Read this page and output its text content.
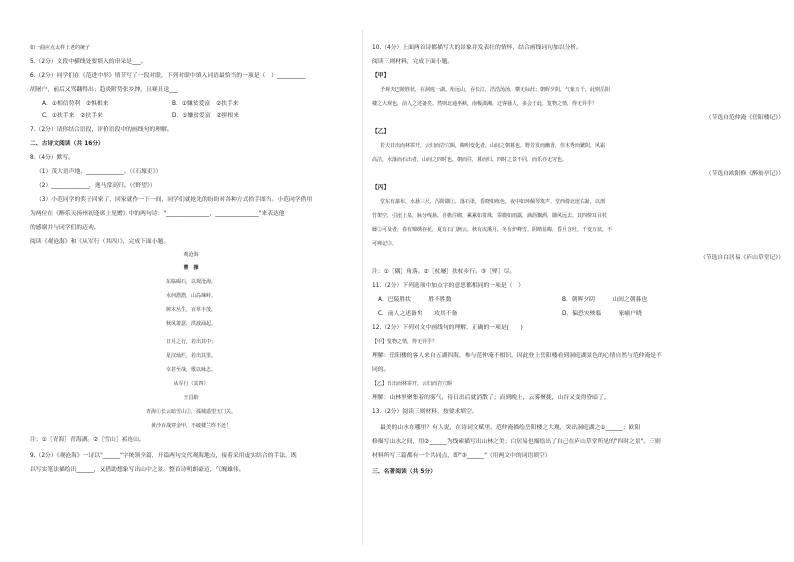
如一曲应点太样上老的统子
5.（2分）文段中横线处要填入的串采是___。
6.（2分）同学们在《范进中举》情节写了一段对联，下列对联中填入词语最恰当的一项是（　）__________
胡屠户，前后又骂翻得出；趋炎附势张乡绅，且赛且送___
A．①相信势利　②惧根来	B．①嫌贫爱富　②扶手来
C．①扶手来　②扶手来	D．①嫌贫爱富　②拼根来
7.（2分）请你结合语段，评价语段中的画线句的理解。
二、古诗文阅读（共 16分）
8.（4分）默写。
（1）茂大语声地，_____________。（《石壕吏》）
（2）_____________，逸马常高归。（《野望》）
（3）小范同学的奖子回家了，回家就作一下一间，同学们就抢先的纷纷对各种方式拾手图当。小范同学借用
为两位在《醉乐天扬州初逢席上见赠》中的两句诗："_______________，_______________"来表达他
的感谢并与同学们的迈劝。
阅读《观沧海》和《从军行（其四）》，完成下面小题。
观沧海
曹　操
东临碣石，以观沧海。
水何澹澹，山岛竦峙。
树木丛生，百草丰茂。
秋风萧瑟，洪波涌起。
日月之行，若出其中；
星汉灿烂，若出其里。
幸甚至哉，歌以咏志。
从军行（其四）
王昌龄
青海①长云暗雪山②，孤城遥望玉门关。
黄沙百战穿金甲，不破楼兰终不还！
注：①［青海］青海湖。②［雪山］祁连山。
9.（2分）《观沧海》一诗以"______"字统领全篇，开篇两句交代观海地点，接着采用虚实结合的手法，既
以写实笔法描绘出______，又借助想象写出山中之景。整首诗明朗豪迈，气魄雄伟。
10.（4分）上面两首诗都描写大的景象并发表壮的情怀，结合画线词句加以分析。
阅读三则材料，完成下面小题。
【甲】
予观夫巴陵胜状，在洞庭一湖。衔远山，吞长江，浩浩汤汤，横无际涯；朝晖夕阴，气象万千，此则岳阳
楼之大观也，前人之述备矣。然则北通巫峡，南极潇湘，迁客骚人，多会于此，览物之情，得无异乎？
（节选自范仲淹《岳阳楼记》）
【乙】
若夫日出而林霏开，云归而岩穴暝，晦明变化者，山间之朝暮也。野芳发而幽香，佳木秀而繁阴，风霜
高洁，水落而石出者，山间之四时也。朝而往，暮而归，四时之景不同，而乐亦无穷也。
（节选自欧阳修《醉翁亭记》）
【丙】
堂东有瀑布，水悬三尺，泻阶隅①，落石渠，昏晓如练色，夜中如环佩琴筑声。堂西倚北崖右趾，以剖
竹架空，引崖上泉，脉分线悬，自檐注砌，累累如贯珠，霏微如雨露，滴沥飘洒，随风远去。其四傍耳目杖
屦②可及者，春有锦绣谷花，夏有石门涧云，秋有虎溪月，冬有炉峰雪。阴晴显晦，昏旦含吐，千变万状，不
可殚记③。
（节选自白居易《庐山草堂记》）
注：①［隅］角落。②［杖屦］扶杖步行。③［殚］尽。
11.（2分）下列选项中加点字的意思都相同的一项是（　）
A．巴陵胜状　　　胜不胜数	B．朝晖夕阴　　　山间之朝暮也
C．前人之述备矣　　攻其不备	D．偏恐灾殃临　　　家喻户晓
12.（2分）下列对文中画线句的理解，正确的一项是(　　)
【甲】览物之情，得无异乎？
理解：岳阳楼的客人来自五湖四海，参与范仲淹不相识，因此登上岳阳楼看到洞庭湖景色的心情自然与范仲淹是不
同的。
【乙】日出而林霏开，云归而岩穴暝
理解：山林里聚集着的雾气，待日出后就消散了；而到晚上，云雾聚拢，山谷又变得昏暗了。
13.（2分）阅读三则材料，按要求填空。
最美的山水在哪里？有人说，在诗词文赋里。范仲淹描绘岳阳楼之大观，突出洞庭湖之①______；欧阳
修描写山水之间，用②______为线索描写出山林之美；白居易也描绘出了自己在庐山草堂所见的"四时之景"。三则
材料所写三篇都有一个共同点，即"③______"（用两文中的词语填空）
三、名著阅读（共 5分）
